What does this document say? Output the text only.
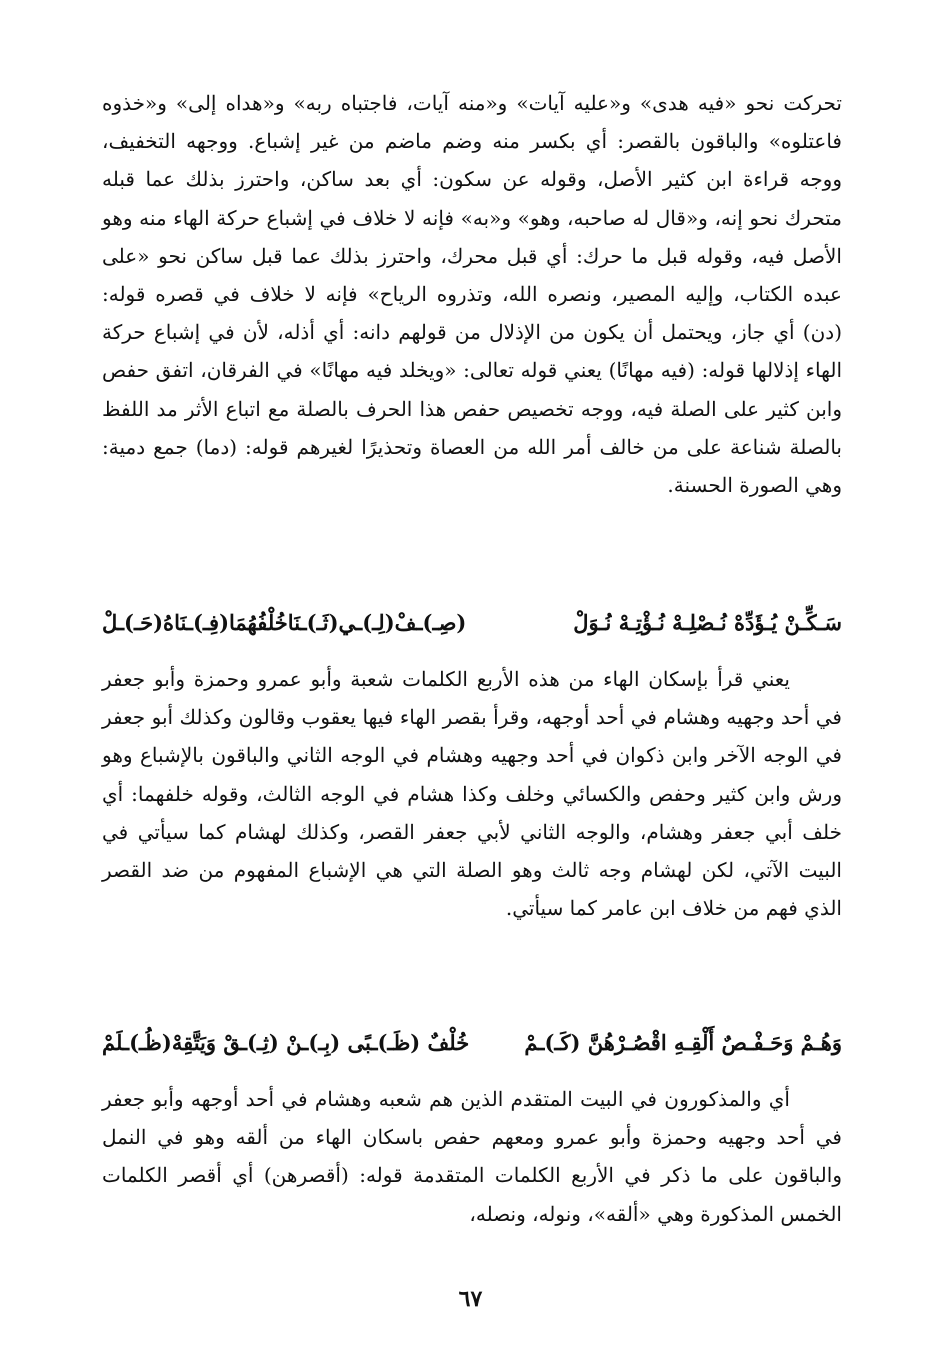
تحركت نحو «فيه هدى» و«عليه آيات» و«منه آيات، فاجتباه ربه» و«هداه إلى» و«خذوه فاعتلوه» والباقون بالقصر: أي بكسر منه وضم ماضم من غير إشباع. ووجهه التخفيف، ووجه قراءة ابن كثير الأصل، وقوله عن سكون: أي بعد ساكن، واحترز بذلك عما قبله متحرك نحو إنه، و«قال له صاحبه، وهو» و«به» فإنه لا خلاف في إشباع حركة الهاء منه وهو الأصل فيه، وقوله قبل ما حرك: أي قبل محرك، واحترز بذلك عما قبل ساكن نحو «على عبده الكتاب، وإليه المصير، ونصره الله، وتذروه الرياح» فإنه لا خلاف في قصره قوله: (دن) أي جاز، ويحتمل أن يكون من الإذلال من قولهم دانه: أي أذله، لأن في إشباع حركة الهاء إذلالها قوله: (فيه مهانًا) يعني قوله تعالى: «ويخلد فيه مهانًا» في الفرقان، اتفق حفص وابن كثير على الصلة فيه، ووجه تخصيص حفص هذا الحرف بالصلة مع اتباع الأثر مد اللفظ بالصلة شناعة على من خالف أمر الله من العصاة وتحذيرًا لغيرهم قوله: (دما) جمع دمية: وهي الصورة الحسنة.

سَـكِّـنْ يُـؤَدِّهْ نُـصْلِـهْ نُـؤْتِـهْ نُـوَلْ
(صِـ)ـفْ(لِـ)ـي(ثَـ)ـنَاخُلْفُهُمَا(فِـ)ـنَاهُ(حَـ)ـلْ

يعني قرأ بإسكان الهاء من هذه الأربع الكلمات شعبة وأبو عمرو وحمزة وأبو جعفر في أحد وجهيه وهشام في أحد أوجهه، وقرأ بقصر الهاء فيها يعقوب وقالون وكذلك أبو جعفر في الوجه الآخر وابن ذكوان في أحد وجهيه وهشام في الوجه الثاني والباقون بالإشباع وهو ورش وابن كثير وحفص والكسائي وخلف وكذا هشام في الوجه الثالث، وقوله خلفهما: أي خلف أبي جعفر وهشام، والوجه الثاني لأبي جعفر القصر، وكذلك لهشام كما سيأتي في البيت الآتي، لكن لهشام وجه ثالث وهو الصلة التي هي الإشباع المفهوم من ضد القصر الذي فهم من خلاف ابن عامر كما سيأتي.

وَهُـمْ وَحَـفْـصٌ أَلْقِـهِ اقْصُـرْهُنَّ (كَـ)ـمْ
خُلْفٌ (ظَـ)ـبًى (بِـ)ـنْ (ثِـ)ـقْ وَيَتَّقِهْ(ظُـ)ـلَمْ

أي والمذكورون في البيت المتقدم الذين هم شعبه وهشام في أحد أوجهه وأبو جعفر في أحد وجهيه وحمزة وأبو عمرو ومعهم حفص باسكان الهاء من ألقه وهو في النمل والباقون على ما ذكر في الأربع الكلمات المتقدمة قوله: (أقصرهن) أي أقصر الكلمات الخمس المذكورة وهي «ألقه»، ونوله، ونصله،

٦٧
